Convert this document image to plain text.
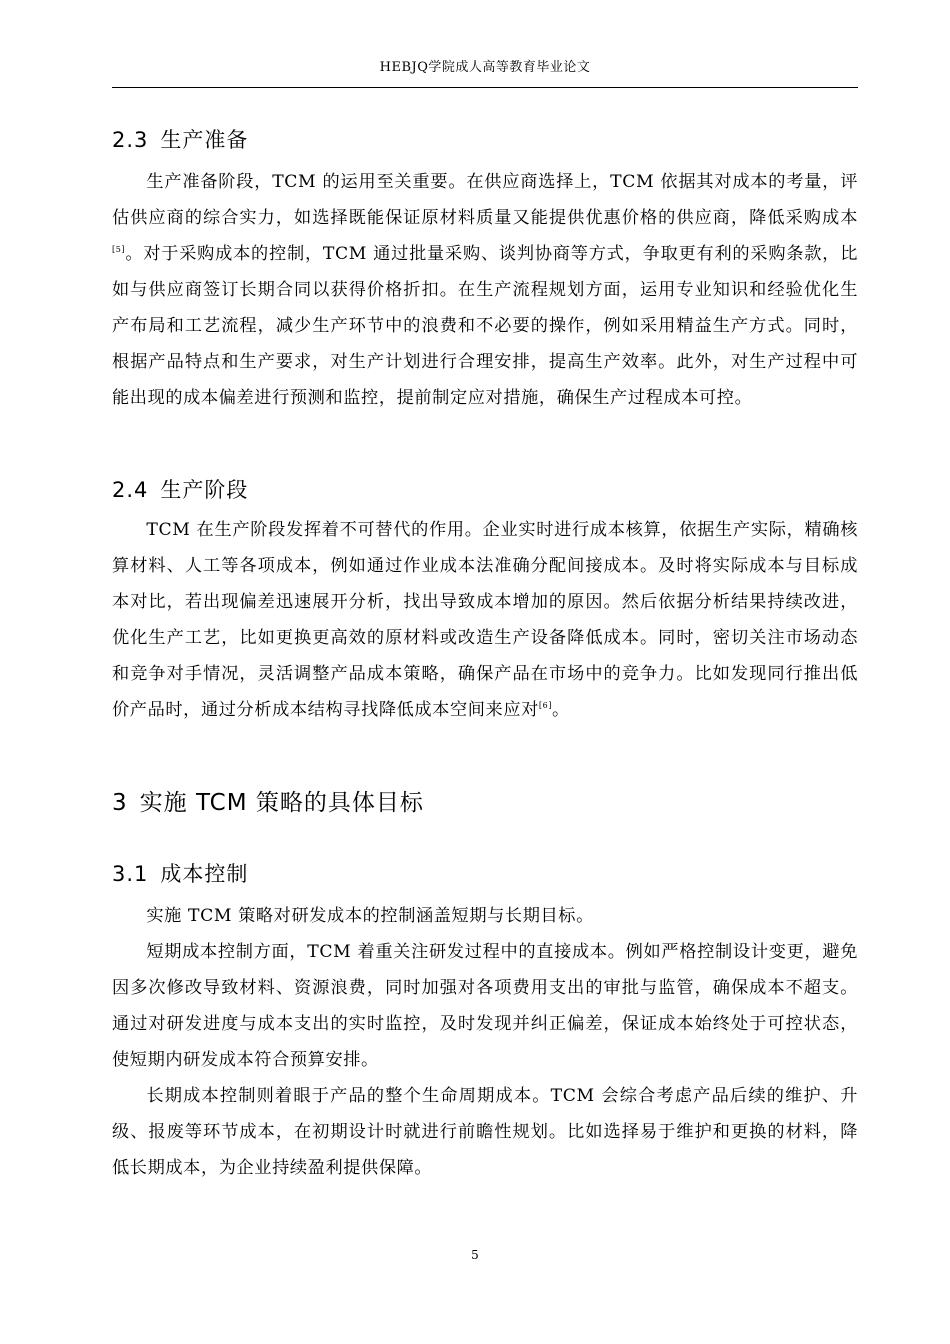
HEBJQ学院成人高等教育毕业论文
2.3 生产准备

生产准备阶段，TCM 的运用至关重要。在供应商选择上，TCM 依据其对成本的考量，评估供应商的综合实力，如选择既能保证原材料质量又能提供优惠价格的供应商，降低采购成本[5]。对于采购成本的控制，TCM 通过批量采购、谈判协商等方式，争取更有利的采购条款，比如与供应商签订长期合同以获得价格折扣。在生产流程规划方面，运用专业知识和经验优化生产布局和工艺流程，减少生产环节中的浪费和不必要的操作，例如采用精益生产方式。同时，根据产品特点和生产要求，对生产计划进行合理安排，提高生产效率。此外，对生产过程中可能出现的成本偏差进行预测和监控，提前制定应对措施，确保生产过程成本可控。

2.4 生产阶段

TCM 在生产阶段发挥着不可替代的作用。企业实时进行成本核算，依据生产实际，精确核算材料、人工等各项成本，例如通过作业成本法准确分配间接成本。及时将实际成本与目标成本对比，若出现偏差迅速展开分析，找出导致成本增加的原因。然后依据分析结果持续改进，优化生产工艺，比如更换更高效的原材料或改造生产设备降低成本。同时，密切关注市场动态和竞争对手情况，灵活调整产品成本策略，确保产品在市场中的竞争力。比如发现同行推出低价产品时，通过分析成本结构寻找降低成本空间来应对[6]。

3 实施 TCM 策略的具体目标
3.1 成本控制

实施 TCM 策略对研发成本的控制涵盖短期与长期目标。

短期成本控制方面，TCM 着重关注研发过程中的直接成本。例如严格控制设计变更，避免因多次修改导致材料、资源浪费，同时加强对各项费用支出的审批与监管，确保成本不超支。通过对研发进度与成本支出的实时监控，及时发现并纠正偏差，保证成本始终处于可控状态，使短期内研发成本符合预算安排。

长期成本控制则着眼于产品的整个生命周期成本。TCM 会综合考虑产品后续的维护、升级、报废等环节成本，在初期设计时就进行前瞻性规划。比如选择易于维护和更换的材料，降低长期成本，为企业持续盈利提供保障。

5
